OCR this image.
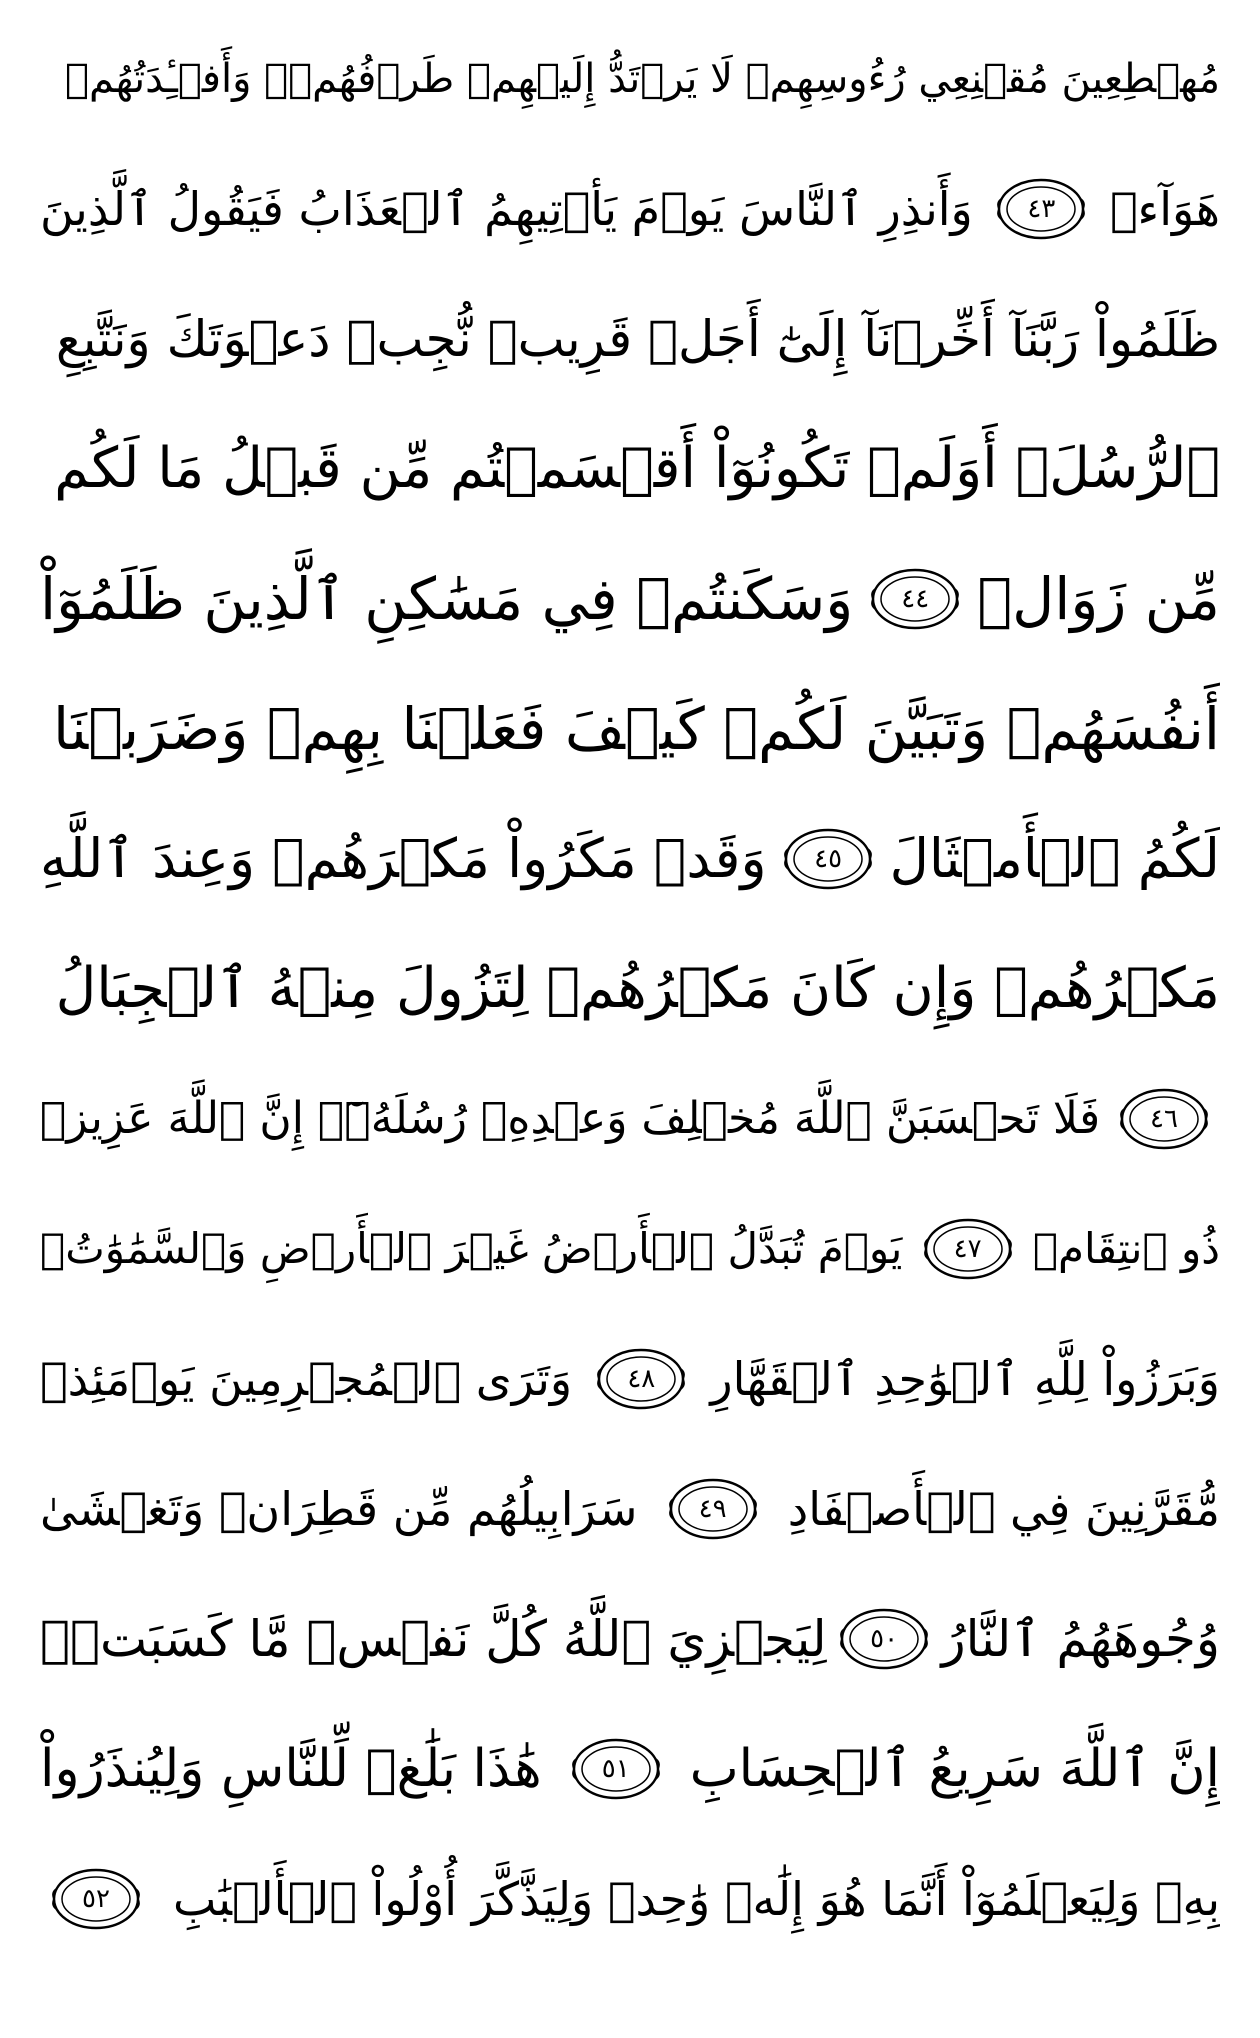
مُهۡطِعِينَ مُقۡنِعِي رُءُوسِهِمۡ لَا يَرۡتَدُّ إِلَيۡهِمۡ طَرۡفُهُمۡۖ وَأَفۡـِٔدَتُهُمۡ
هَوَآءٞ
٤٣
وَأَنذِرِ ٱلنَّاسَ يَوۡمَ يَأۡتِيهِمُ ٱلۡعَذَابُ فَيَقُولُ ٱلَّذِينَ
ظَلَمُواْ رَبَّنَآ أَخِّرۡنَآ إِلَىٰٓ أَجَلٖ قَرِيبٖ نُّجِبۡ دَعۡوَتَكَ وَنَتَّبِعِ
ٱلرُّسُلَۗ أَوَلَمۡ تَكُونُوٓاْ أَقۡسَمۡتُم مِّن قَبۡلُ مَا لَكُم
مِّن زَوَالٖ
٤٤
وَسَكَنتُمۡ فِي مَسَٰكِنِ ٱلَّذِينَ ظَلَمُوٓاْ
أَنفُسَهُمۡ وَتَبَيَّنَ لَكُمۡ كَيۡفَ فَعَلۡنَا بِهِمۡ وَضَرَبۡنَا
لَكُمُ ٱلۡأَمۡثَالَ
٤٥
وَقَدۡ مَكَرُواْ مَكۡرَهُمۡ وَعِندَ ٱللَّهِ
مَكۡرُهُمۡ وَإِن كَانَ مَكۡرُهُمۡ لِتَزُولَ مِنۡهُ ٱلۡجِبَالُ
٤٦
فَلَا تَحۡسَبَنَّ ٱللَّهَ مُخۡلِفَ وَعۡدِهِۦ رُسُلَهُۥٓۚ إِنَّ ٱللَّهَ عَزِيزٞ
ذُو ٱنتِقَامٖ
٤٧
يَوۡمَ تُبَدَّلُ ٱلۡأَرۡضُ غَيۡرَ ٱلۡأَرۡضِ وَٱلسَّمَٰوَٰتُۖ
وَبَرَزُواْ لِلَّهِ ٱلۡوَٰحِدِ ٱلۡقَهَّارِ
٤٨
وَتَرَى ٱلۡمُجۡرِمِينَ يَوۡمَئِذٖ
مُّقَرَّنِينَ فِي ٱلۡأَصۡفَادِ
٤٩
سَرَابِيلُهُم مِّن قَطِرَانٖ وَتَغۡشَىٰ
وُجُوهَهُمُ ٱلنَّارُ
٥٠
لِيَجۡزِيَ ٱللَّهُ كُلَّ نَفۡسٖ مَّا كَسَبَتۡۚ
إِنَّ ٱللَّهَ سَرِيعُ ٱلۡحِسَابِ
٥١
هَٰذَا بَلَٰغٞ لِّلنَّاسِ وَلِيُنذَرُواْ
بِهِۦ وَلِيَعۡلَمُوٓاْ أَنَّمَا هُوَ إِلَٰهٞ وَٰحِدٞ وَلِيَذَّكَّرَ أُوْلُواْ ٱلۡأَلۡبَٰبِ
٥٢
